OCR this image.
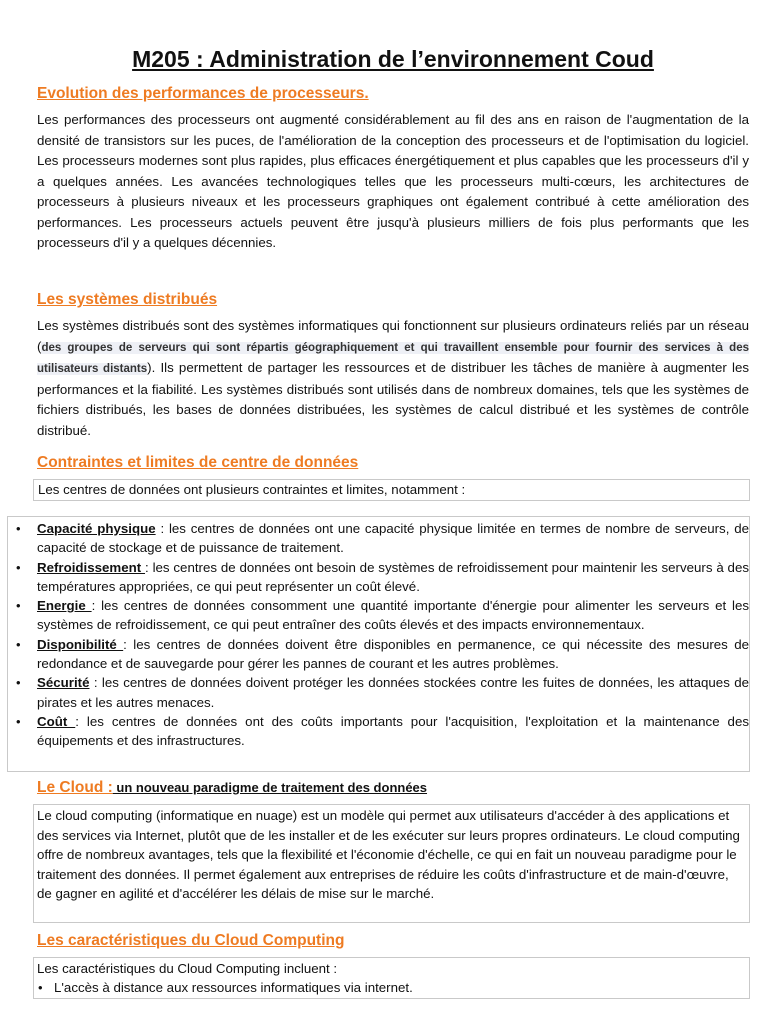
M205 : Administration de l’environnement Coud
Evolution des performances de processeurs.
Les performances des processeurs ont augmenté considérablement au fil des ans en raison de l'augmentation de la densité de transistors sur les puces, de l'amélioration de la conception des processeurs et de l'optimisation du logiciel. Les processeurs modernes sont plus rapides, plus efficaces énergétiquement et plus capables que les processeurs d'il y a quelques années. Les avancées technologiques telles que les processeurs multi-cœurs, les architectures de processeurs à plusieurs niveaux et les processeurs graphiques ont également contribué à cette amélioration des performances. Les processeurs actuels peuvent être jusqu'à plusieurs milliers de fois plus performants que les processeurs d'il y a quelques décennies.
Les systèmes distribués
Les systèmes distribués sont des systèmes informatiques qui fonctionnent sur plusieurs ordinateurs reliés par un réseau (des groupes de serveurs qui sont répartis géographiquement et qui travaillent ensemble pour fournir des services à des utilisateurs distants). Ils permettent de partager les ressources et de distribuer les tâches de manière à augmenter les performances et la fiabilité. Les systèmes distribués sont utilisés dans de nombreux domaines, tels que les systèmes de fichiers distribués, les bases de données distribuées, les systèmes de calcul distribué et les systèmes de contrôle distribué.
Contraintes et limites de centre de données
Les centres de données ont plusieurs contraintes et limites, notamment :
• Capacité physique : les centres de données ont une capacité physique limitée en termes de nombre de serveurs, de capacité de stockage et de puissance de traitement.
• Refroidissement : les centres de données ont besoin de systèmes de refroidissement pour maintenir les serveurs à des températures appropriées, ce qui peut représenter un coût élevé.
• Energie : les centres de données consomment une quantité importante d'énergie pour alimenter les serveurs et les systèmes de refroidissement, ce qui peut entraîner des coûts élevés et des impacts environnementaux.
• Disponibilité : les centres de données doivent être disponibles en permanence, ce qui nécessite des mesures de redondance et de sauvegarde pour gérer les pannes de courant et les autres problèmes.
• Sécurité : les centres de données doivent protéger les données stockées contre les fuites de données, les attaques de pirates et les autres menaces.
• Coût : les centres de données ont des coûts importants pour l'acquisition, l'exploitation et la maintenance des équipements et des infrastructures.
Le Cloud : un nouveau paradigme de traitement des données
Le cloud computing (informatique en nuage) est un modèle qui permet aux utilisateurs d'accéder à des applications et des services via Internet, plutôt que de les installer et de les exécuter sur leurs propres ordinateurs. Le cloud computing offre de nombreux avantages, tels que la flexibilité et l'économie d'échelle, ce qui en fait un nouveau paradigme pour le traitement des données. Il permet également aux entreprises de réduire les coûts d'infrastructure et de main-d'œuvre, de gagner en agilité et d'accélérer les délais de mise sur le marché.
Les caractéristiques du Cloud Computing
Les caractéristiques du Cloud Computing incluent :
• L'accès à distance aux ressources informatiques via internet.
